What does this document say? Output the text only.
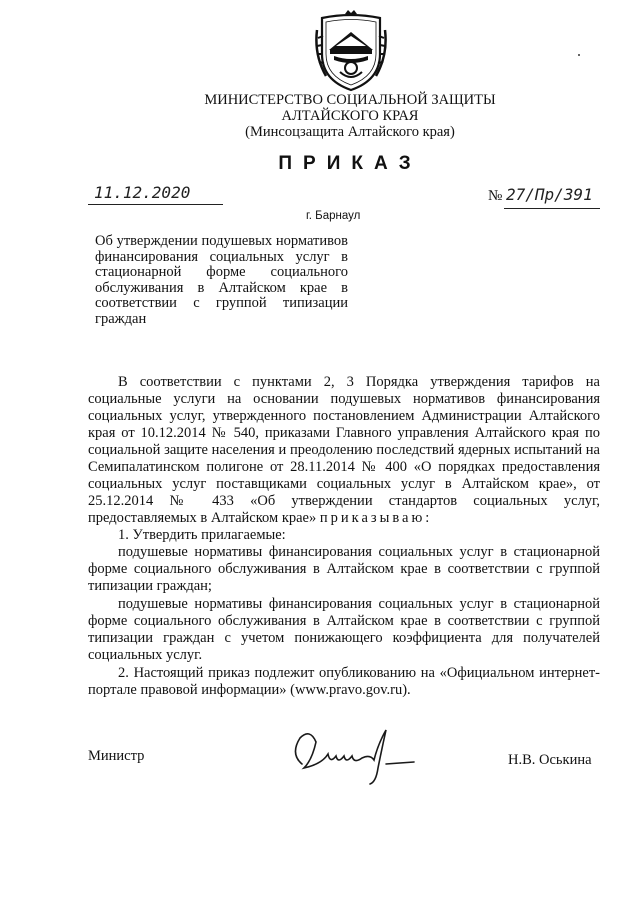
МИНИСТЕРСТВО СОЦИАЛЬНОЙ ЗАЩИТЫ
АЛТАЙСКОГО КРАЯ
(Минсоцзащита Алтайского края)
ПРИКАЗ
11.12.2020
г. Барнаул
№ 27/Пр/391
Об утверждении подушевых нормативов финансирования социальных услуг в стационарной форме социального обслуживания в Алтайском крае в соответствии с группой типизации граждан

В соответствии с пунктами 2, 3 Порядка утверждения тарифов на социальные услуги на основании подушевых нормативов финансирования социальных услуг, утвержденного постановлением Администрации Алтайского края от 10.12.2014 № 540, приказами Главного управления Алтайского края по социальной защите населения и преодолению последствий ядерных испытаний на Семипалатинском полигоне от 28.11.2014 № 400 «О порядках предоставления социальных услуг поставщиками социальных услуг в Алтайском крае», от 25.12.2014 № 433 «Об утверждении стандартов социальных услуг, предоставляемых в Алтайском крае» приказываю:

1. Утвердить прилагаемые:

подушевые нормативы финансирования социальных услуг в стационарной форме социального обслуживания в Алтайском крае в соответствии с группой типизации граждан;

подушевые нормативы финансирования социальных услуг в стационарной форме социального обслуживания в Алтайском крае в соответствии с группой типизации граждан с учетом понижающего коэффициента для получателей социальных услуг.

2. Настоящий приказ подлежит опубликованию на «Официальном интернет-портале правовой информации» (www.pravo.gov.ru).

Министр	Н.В. Оськина
